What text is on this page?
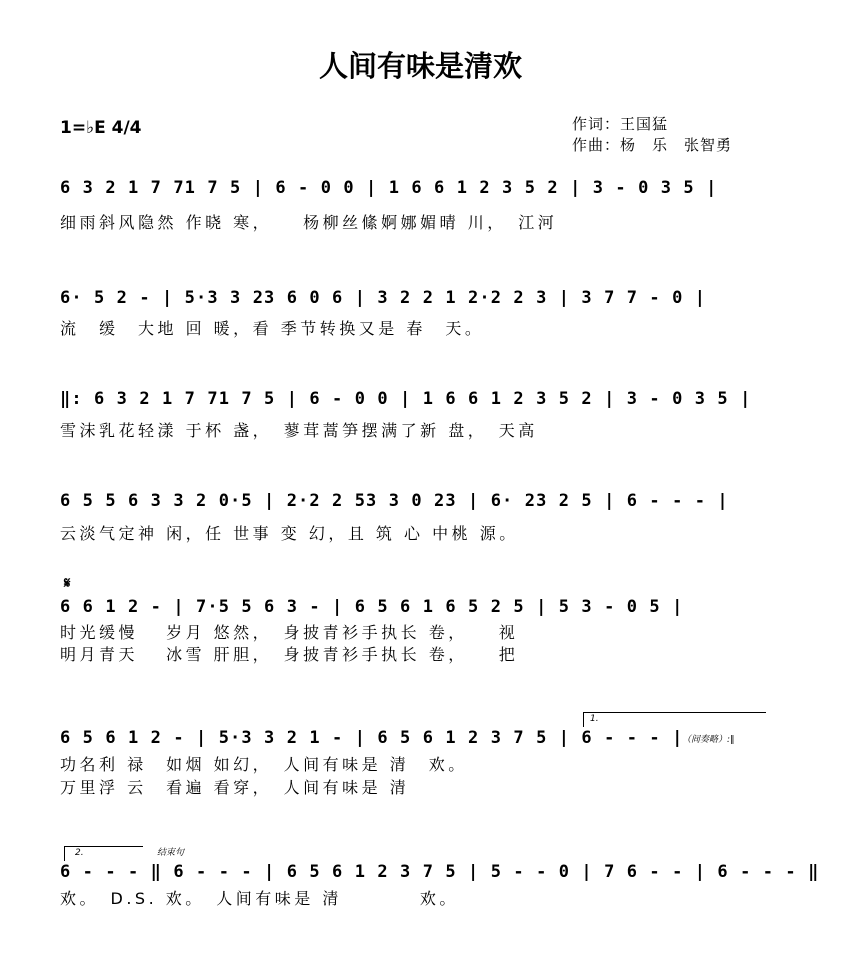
人间有味是清欢
1=♭E 4/4	作词：王国猛
作曲：杨　乐　张智勇
6 3 2 1 7 71 7 5 | 6 - 0 0 | 1 6 6 1 2 3 5 2 | 3 - 0 3 5 |
细雨斜风隐然 作晓 寒，　　杨柳丝絛婀娜媚晴 川，　江河
6· 5 2 - | 5·3 3 23 6 0 6 | 3 2 2 1 2·2 2 3 | 3 7 7 - 0 |
流　缓　大地 回 暖，看 季节转换又是 春　天。
‖: 6 3 2 1 7 71 7 5 | 6 - 0 0 | 1 6 6 1 2 3 5 2 | 3 - 0 3 5 |
雪沫乳花轻漾 于杯 盏，　蓼茸蒿笋摆满了新 盘，　天高
6 5 5 6 3 3 2 0·5 | 2·2 2 53 3 0 23 | 6· 23 2 5 | 6 - - - |
云淡气定神 闲，任 世事 变 幻，且 筑 心 中桃 源。
𝄋
6 6 1 2 - | 7·5 5 6 3 - | 6 5 6 1 6 5 2 5 | 5 3 - 0 5 |
时光缓慢　 岁月 悠然，　身披青衫手执长 卷，　　视
明月青天　 冰雪 肝胆，　身披青衫手执长 卷，　　把
1.
6 5 6 1 2 - | 5·3 3 2 1 - | 6 5 6 1 2 3 7 5 | 6 - - - |
（间奏略）:‖
功名利 禄　如烟 如幻，　人间有味是 清　欢。
万里浮 云　看遍 看穿，　人间有味是 清
2.	结束句
6 - - - ‖ 6 - - - | 6 5 6 1 2 3 7 5 | 5 - - 0 | 7 6 - - | 6 - - - ‖
欢。　D.S. 欢。　人间有味是 清　　　　欢。
